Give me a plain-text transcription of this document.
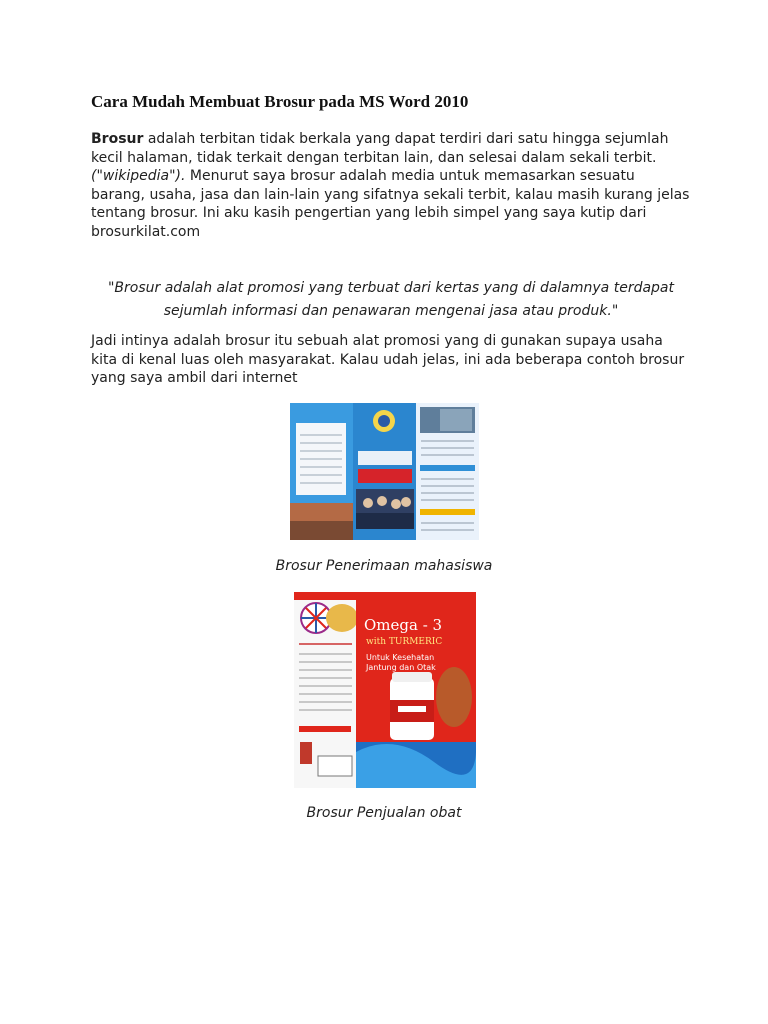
Cara Mudah Membuat Brosur pada MS Word 2010

Brosur adalah terbitan tidak berkala yang dapat terdiri dari satu hingga sejumlah kecil halaman, tidak terkait dengan terbitan lain, dan selesai dalam sekali terbit. ("wikipedia"). Menurut saya brosur adalah media untuk memasarkan sesuatu barang, usaha, jasa dan lain-lain yang sifatnya sekali terbit, kalau masih kurang jelas tentang brosur. Ini aku kasih pengertian yang lebih simpel yang saya kutip dari brosurkilat.com

"Brosur adalah alat promosi yang terbuat dari kertas yang di dalamnya terdapat sejumlah informasi dan penawaran mengenai jasa atau produk."

Jadi intinya adalah brosur itu sebuah alat promosi yang di gunakan supaya usaha kita di kenal luas oleh masyarakat. Kalau udah jelas, ini ada beberapa contoh brosur yang saya ambil dari internet

Brosur Penerimaan mahasiswa

Omega - 3
with TURMERIC
Untuk Kesehatan
Jantung dan Otak

Brosur Penjualan obat
